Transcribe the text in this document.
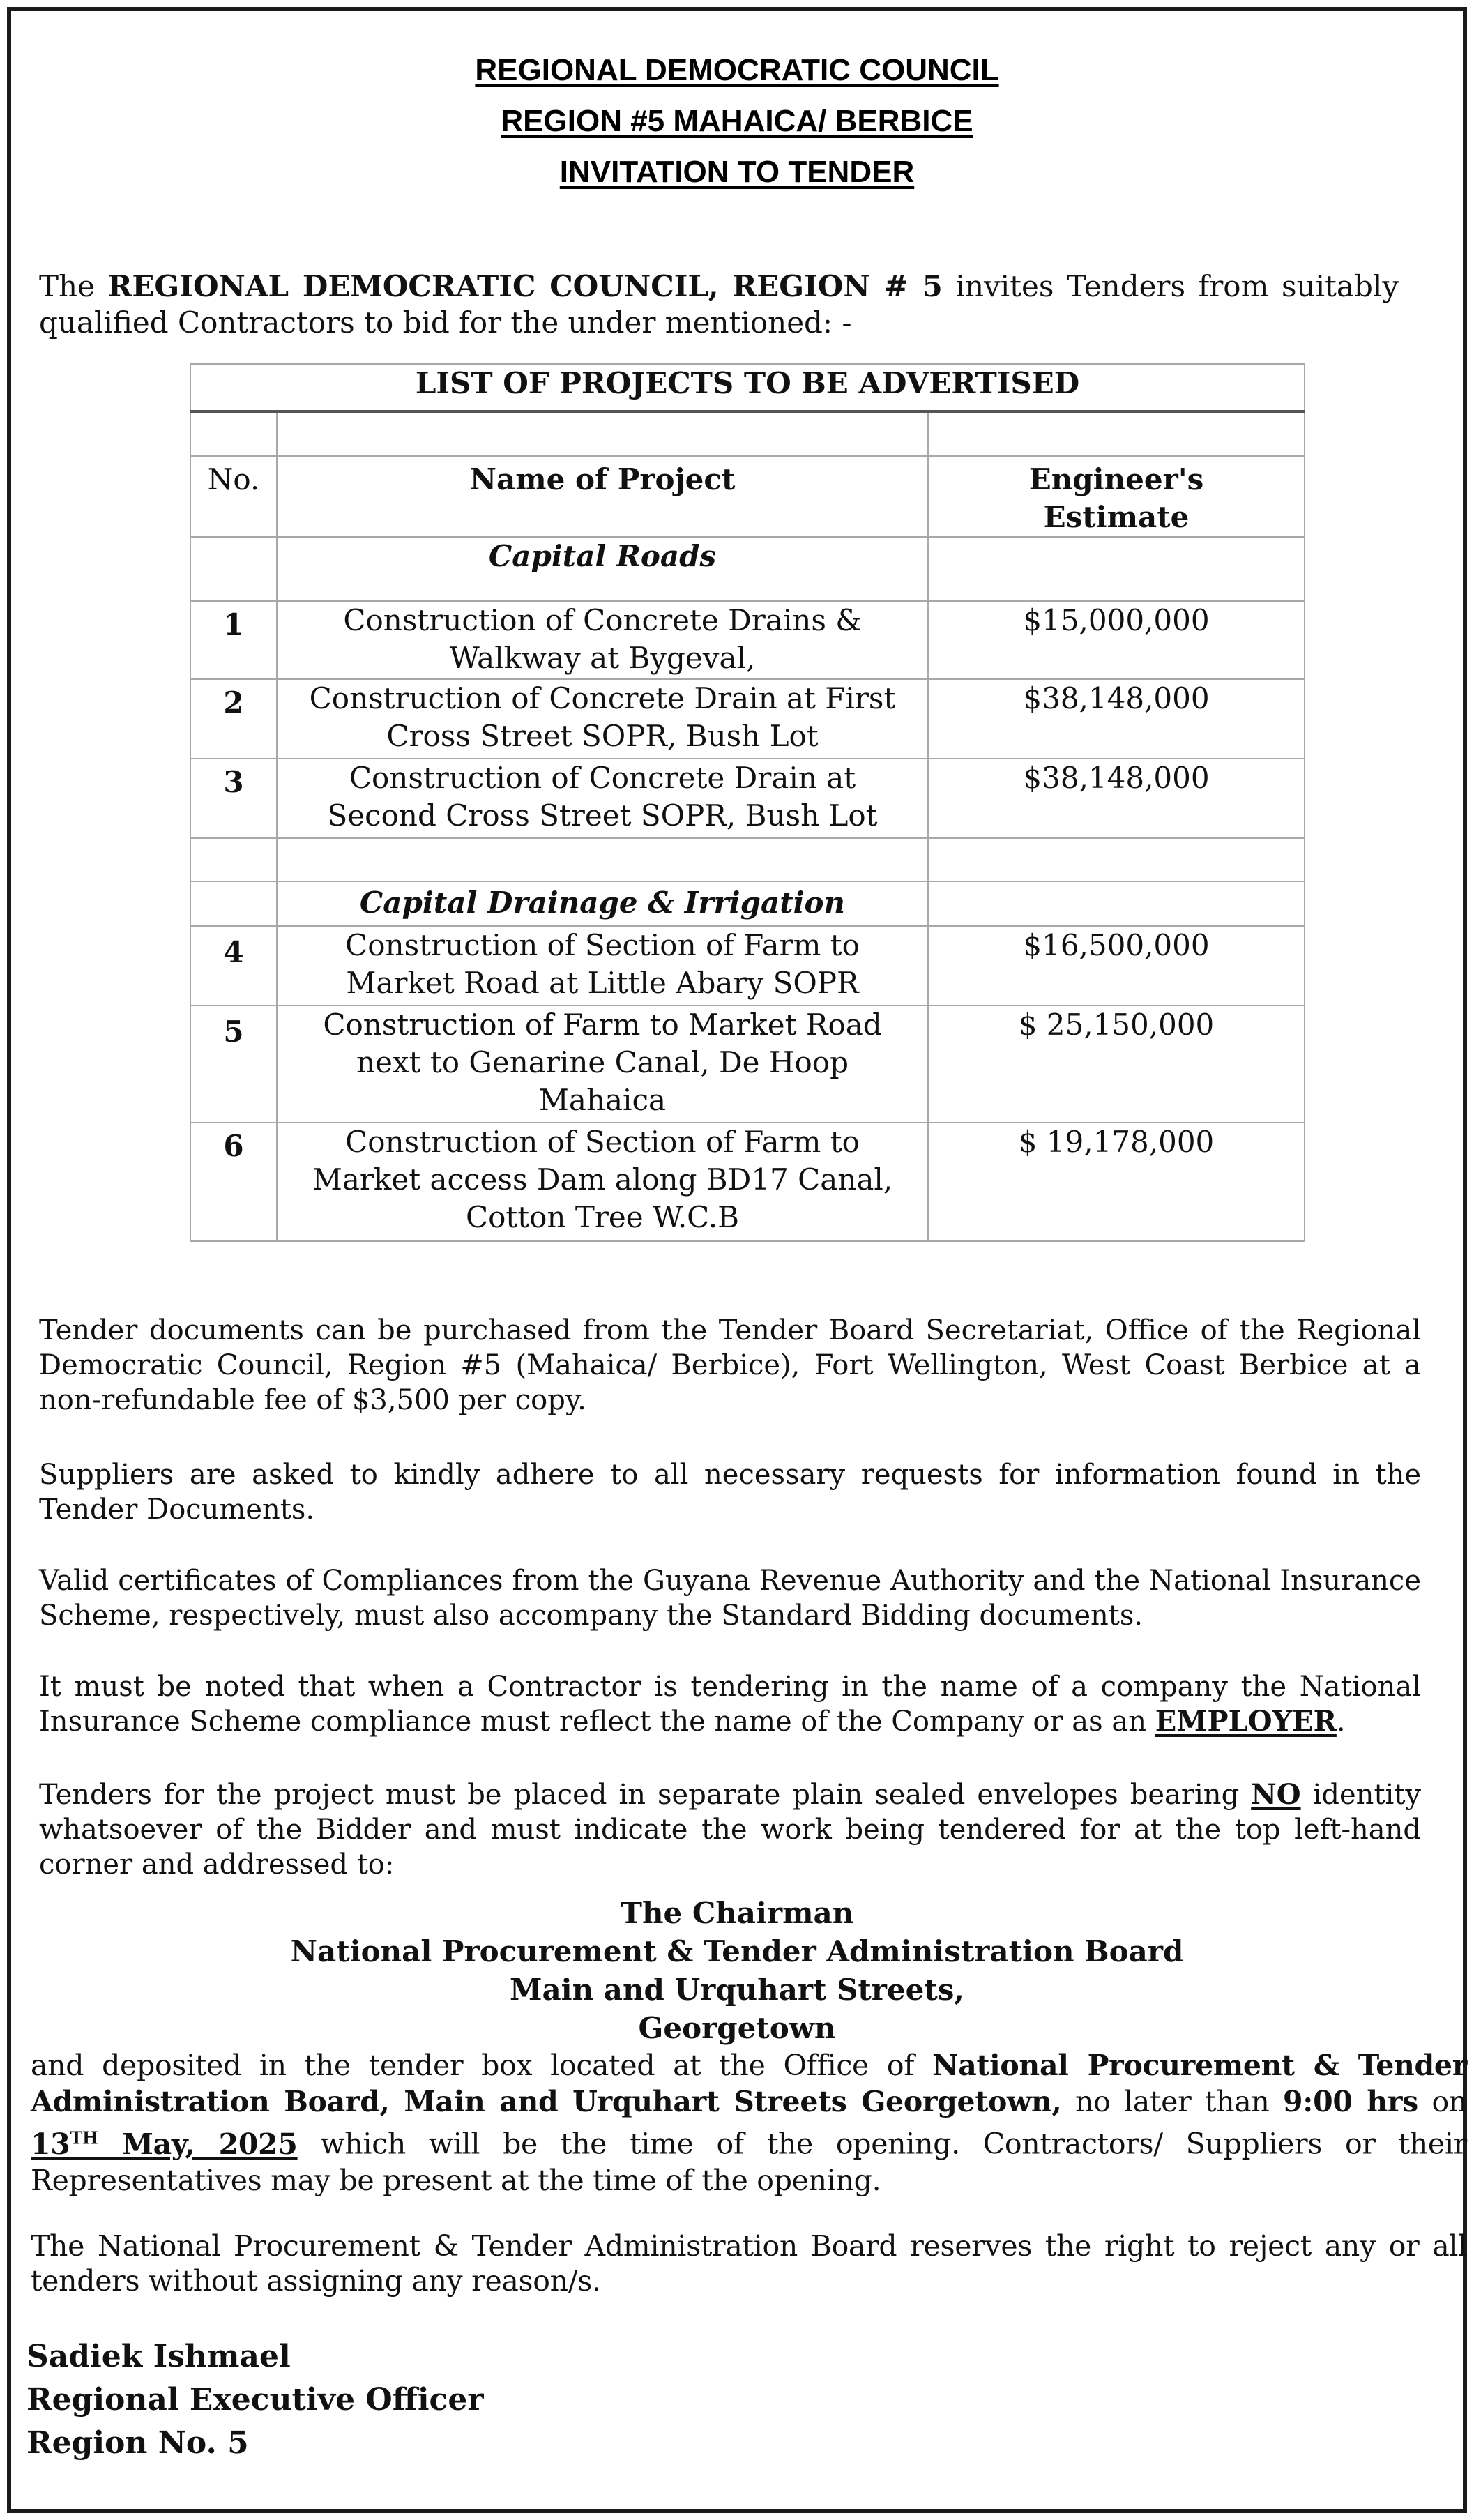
REGIONAL DEMOCRATIC COUNCIL
REGION #5 MAHAICA/ BERBICE
INVITATION TO TENDER
The REGIONAL DEMOCRATIC COUNCIL, REGION # 5 invites Tenders from suitably qualified Contractors to bid for the under mentioned: -
LIST OF PROJECTS TO BE ADVERTISED		

No.	Name of Project	Engineer's Estimate
	Capital Roads	
1	Construction of Concrete Drains & Walkway at Bygeval,	$15,000,000
2	Construction of Concrete Drain at First Cross Street SOPR, Bush Lot	$38,148,000
3	Construction of Concrete Drain at Second Cross Street SOPR, Bush Lot	$38,148,000

	Capital Drainage & Irrigation	
4	Construction of Section of Farm to Market Road at Little Abary SOPR	$16,500,000
5	Construction of Farm to Market Road next to Genarine Canal, De Hoop Mahaica	$ 25,150,000
6	Construction of Section of Farm to Market access Dam along BD17 Canal, Cotton Tree W.C.B	$ 19,178,000
Tender documents can be purchased from the Tender Board Secretariat, Office of the Regional Democratic Council, Region #5 (Mahaica/ Berbice), Fort Wellington, West Coast Berbice at a non-refundable fee of $3,500 per copy.
Suppliers are asked to kindly adhere to all necessary requests for information found in the Tender Documents.
Valid certificates of Compliances from the Guyana Revenue Authority and the National Insurance Scheme, respectively, must also accompany the Standard Bidding documents.
It must be noted that when a Contractor is tendering in the name of a company the National Insurance Scheme compliance must reflect the name of the Company or as an EMPLOYER.
Tenders for the project must be placed in separate plain sealed envelopes bearing NO identity whatsoever of the Bidder and must indicate the work being tendered for at the top left-hand corner and addressed to:
The Chairman
National Procurement & Tender Administration Board
Main and Urquhart Streets,
Georgetown
and deposited in the tender box located at the Office of National Procurement & Tender Administration Board, Main and Urquhart Streets Georgetown, no later than 9:00 hrs on 13TH May, 2025 which will be the time of the opening. Contractors/ Suppliers or their Representatives may be present at the time of the opening.
The National Procurement & Tender Administration Board reserves the right to reject any or all tenders without assigning any reason/s.
Sadiek Ishmael
Regional Executive Officer
Region No. 5
